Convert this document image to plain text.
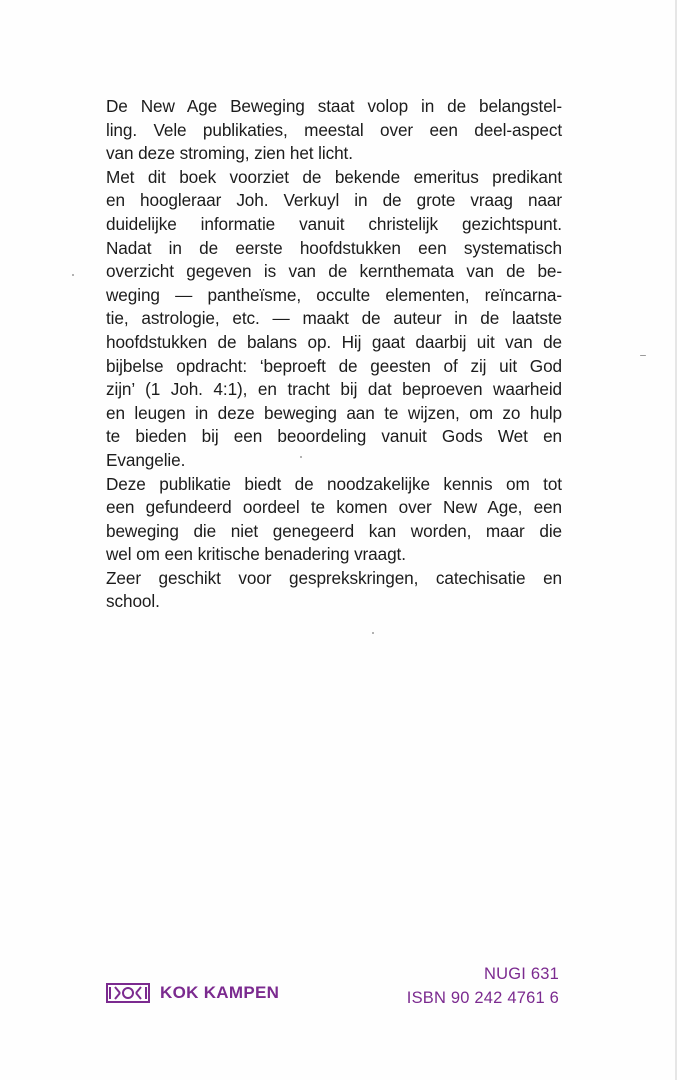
De New Age Beweging staat volop in de belangstel-
ling. Vele publikaties, meestal over een deel-aspect
van deze stroming, zien het licht.
Met dit boek voorziet de bekende emeritus predikant
en hoogleraar Joh. Verkuyl in de grote vraag naar
duidelijke informatie vanuit christelijk gezichtspunt.
Nadat in de eerste hoofdstukken een systematisch
overzicht gegeven is van de kernthemata van de be-
weging — pantheïsme, occulte elementen, reïncarna-
tie, astrologie, etc. — maakt de auteur in de laatste
hoofdstukken de balans op. Hij gaat daarbij uit van de
bijbelse opdracht: ‘beproeft de geesten of zij uit God
zijn’ (1 Joh. 4:1), en tracht bij dat beproeven waarheid
en leugen in deze beweging aan te wijzen, om zo hulp
te bieden bij een beoordeling vanuit Gods Wet en
Evangelie.
Deze publikatie biedt de noodzakelijke kennis om tot
een gefundeerd oordeel te komen over New Age, een
beweging die niet genegeerd kan worden, maar die
wel om een kritische benadering vraagt.
Zeer geschikt voor gesprekskringen, catechisatie en
school.
KOK KAMPEN
NUGI 631
ISBN 90 242 4761 6
